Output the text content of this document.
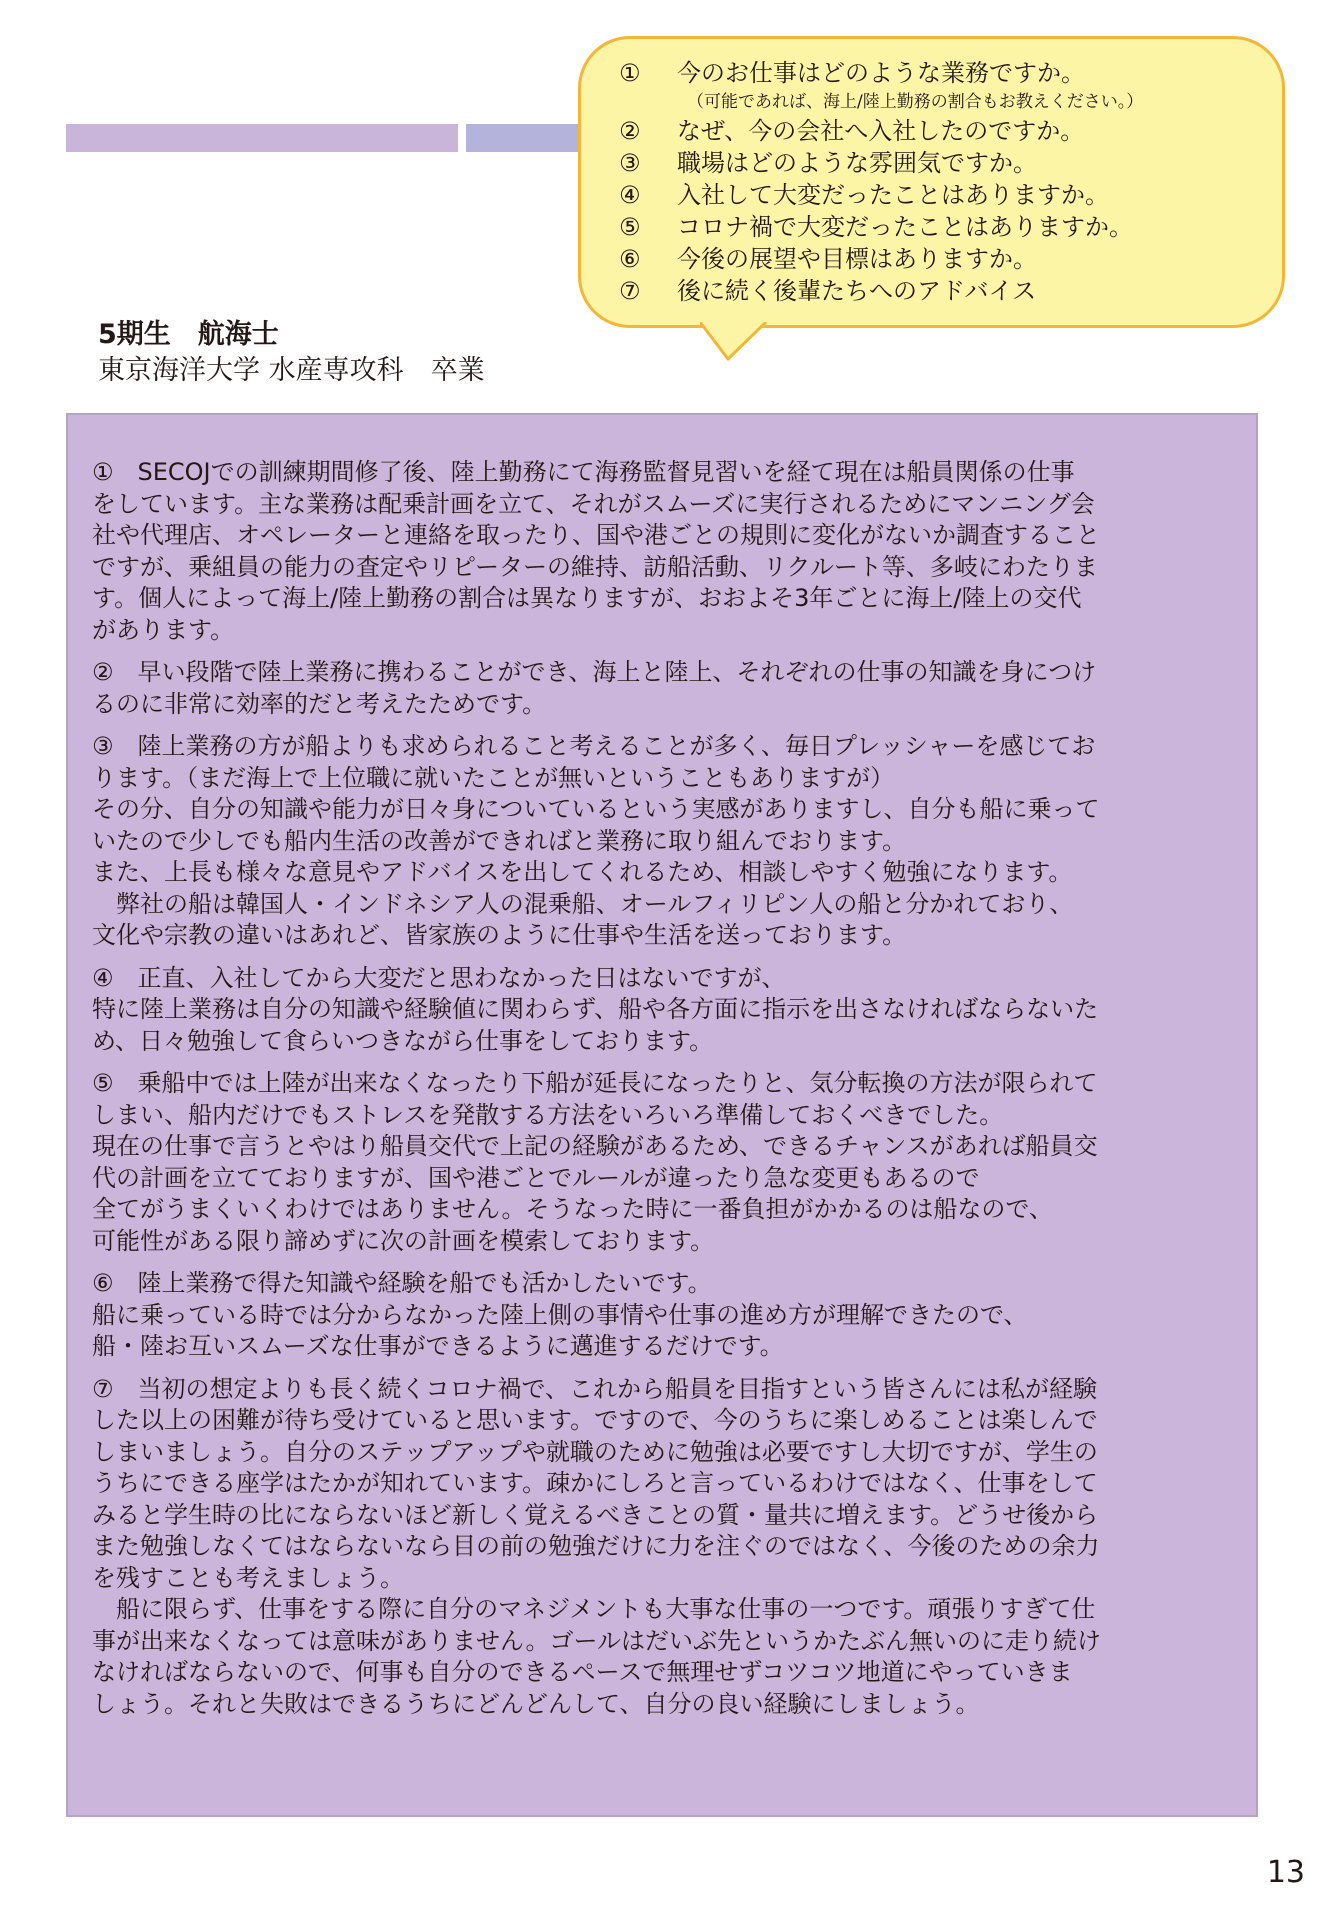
①	今のお仕事はどのような業務ですか。
（可能であれば、海上/陸上勤務の割合もお教えください。）
②	なぜ、今の会社へ入社したのですか。
③	職場はどのような雰囲気ですか。
④	入社して大変だったことはありますか。
⑤	コロナ禍で大変だったことはありますか。
⑥	今後の展望や目標はありますか。
⑦	後に続く後輩たちへのアドバイス
5期生　航海士
東京海洋大学 水産専攻科　卒業
①　SECOJでの訓練期間修了後、陸上勤務にて海務監督見習いを経て現在は船員関係の仕事
をしています。主な業務は配乗計画を立て、それがスムーズに実行されるためにマンニング会
社や代理店、オペレーターと連絡を取ったり、国や港ごとの規則に変化がないか調査すること
ですが、乗組員の能力の査定やリピーターの維持、訪船活動、リクルート等、多岐にわたりま
す。個人によって海上/陸上勤務の割合は異なりますが、おおよそ3年ごとに海上/陸上の交代
があります。
②　早い段階で陸上業務に携わることができ、海上と陸上、それぞれの仕事の知識を身につけ
るのに非常に効率的だと考えたためです。
③　陸上業務の方が船よりも求められること考えることが多く、毎日プレッシャーを感じてお
ります。（まだ海上で上位職に就いたことが無いということもありますが）
その分、自分の知識や能力が日々身についているという実感がありますし、自分も船に乗って
いたので少しでも船内生活の改善ができればと業務に取り組んでおります。
また、上長も様々な意見やアドバイスを出してくれるため、相談しやすく勉強になります。
　弊社の船は韓国人・インドネシア人の混乗船、オールフィリピン人の船と分かれており、
文化や宗教の違いはあれど、皆家族のように仕事や生活を送っております。
④　正直、入社してから大変だと思わなかった日はないですが、
特に陸上業務は自分の知識や経験値に関わらず、船や各方面に指示を出さなければならないた
め、日々勉強して食らいつきながら仕事をしております。
⑤　乗船中では上陸が出来なくなったり下船が延長になったりと、気分転換の方法が限られて
しまい、船内だけでもストレスを発散する方法をいろいろ準備しておくべきでした。
現在の仕事で言うとやはり船員交代で上記の経験があるため、できるチャンスがあれば船員交
代の計画を立てておりますが、国や港ごとでルールが違ったり急な変更もあるので
全てがうまくいくわけではありません。そうなった時に一番負担がかかるのは船なので、
可能性がある限り諦めずに次の計画を模索しております。
⑥　陸上業務で得た知識や経験を船でも活かしたいです。
船に乗っている時では分からなかった陸上側の事情や仕事の進め方が理解できたので、
船・陸お互いスムーズな仕事ができるように邁進するだけです。
⑦　当初の想定よりも長く続くコロナ禍で、これから船員を目指すという皆さんには私が経験
した以上の困難が待ち受けていると思います。ですので、今のうちに楽しめることは楽しんで
しまいましょう。自分のステップアップや就職のために勉強は必要ですし大切ですが、学生の
うちにできる座学はたかが知れています。疎かにしろと言っているわけではなく、仕事をして
みると学生時の比にならないほど新しく覚えるべきことの質・量共に増えます。どうせ後から
また勉強しなくてはならないなら目の前の勉強だけに力を注ぐのではなく、今後のための余力
を残すことも考えましょう。
　船に限らず、仕事をする際に自分のマネジメントも大事な仕事の一つです。頑張りすぎて仕
事が出来なくなっては意味がありません。ゴールはだいぶ先というかたぶん無いのに走り続け
なければならないので、何事も自分のできるペースで無理せずコツコツ地道にやっていきま
しょう。それと失敗はできるうちにどんどんして、自分の良い経験にしましょう。
13
